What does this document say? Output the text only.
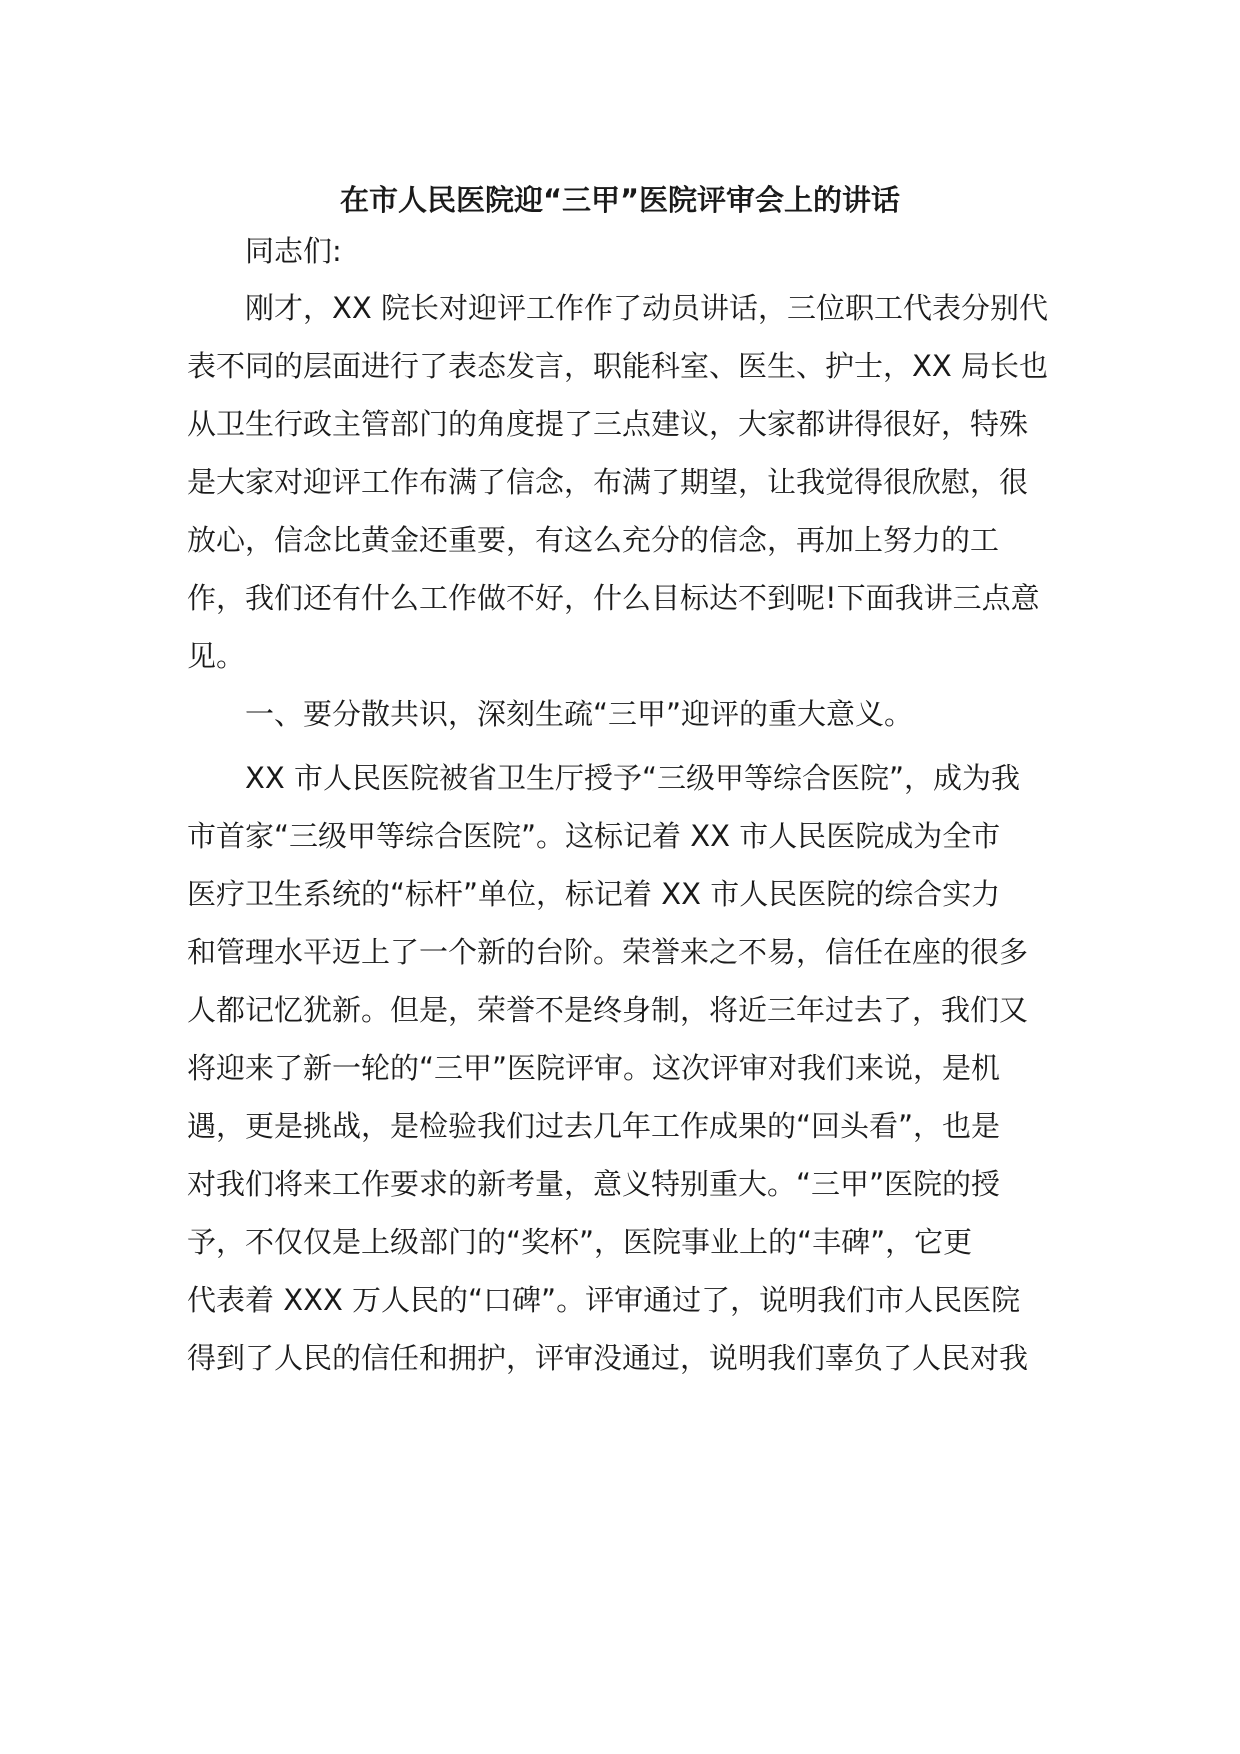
在市人民医院迎“三甲”医院评审会上的讲话

同志们:

刚才，XX 院长对迎评工作作了动员讲话，三位职工代表分别代

表不同的层面进行了表态发言，职能科室、医生、护士，XX 局长也

从卫生行政主管部门的角度提了三点建议，大家都讲得很好，特殊

是大家对迎评工作布满了信念，布满了期望，让我觉得很欣慰，很

放心，信念比黄金还重要，有这么充分的信念，再加上努力的工

作，我们还有什么工作做不好，什么目标达不到呢!下面我讲三点意

见。

一、要分散共识，深刻生疏“三甲”迎评的重大意义。

XX 市人民医院被省卫生厅授予“三级甲等综合医院”，成为我

市首家“三级甲等综合医院”。这标记着 XX 市人民医院成为全市

医疗卫生系统的“标杆”单位，标记着 XX 市人民医院的综合实力

和管理水平迈上了一个新的台阶。荣誉来之不易，信任在座的很多

人都记忆犹新。但是，荣誉不是终身制，将近三年过去了，我们又

将迎来了新一轮的“三甲”医院评审。这次评审对我们来说，是机

遇，更是挑战，是检验我们过去几年工作成果的“回头看”，也是

对我们将来工作要求的新考量，意义特别重大。“三甲”医院的授

予，不仅仅是上级部门的“奖杯”，医院事业上的“丰碑”，它更

代表着 XXX 万人民的“口碑”。评审通过了，说明我们市人民医院

得到了人民的信任和拥护，评审没通过，说明我们辜负了人民对我
